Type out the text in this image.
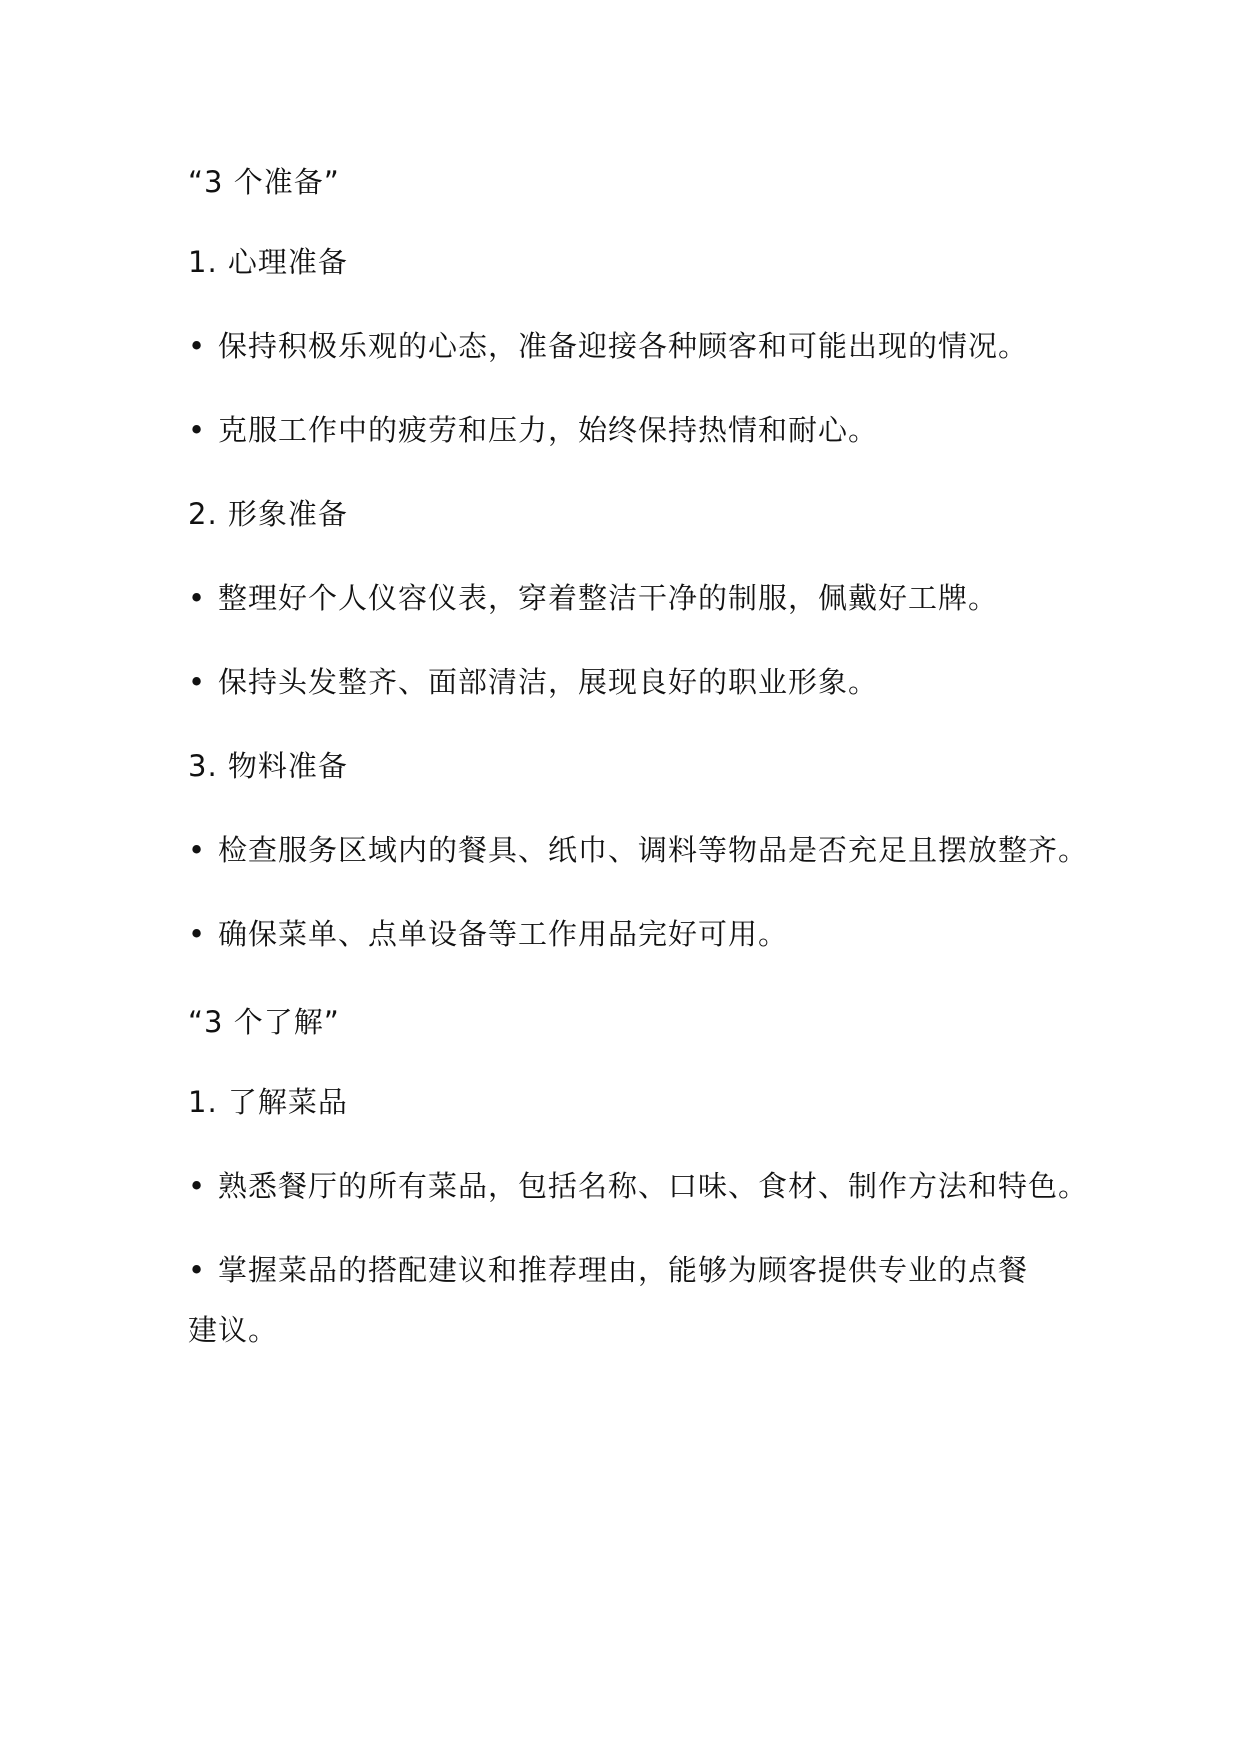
“3 个准备”
1. 心理准备
• 保持积极乐观的心态，准备迎接各种顾客和可能出现的情况。
• 克服工作中的疲劳和压力，始终保持热情和耐心。
2. 形象准备
• 整理好个人仪容仪表，穿着整洁干净的制服，佩戴好工牌。
• 保持头发整齐、面部清洁，展现良好的职业形象。
3. 物料准备
• 检查服务区域内的餐具、纸巾、调料等物品是否充足且摆放整齐。
• 确保菜单、点单设备等工作用品完好可用。
“3 个了解”
1. 了解菜品
• 熟悉餐厅的所有菜品，包括名称、口味、食材、制作方法和特色。
• 掌握菜品的搭配建议和推荐理由，能够为顾客提供专业的点餐建议。
